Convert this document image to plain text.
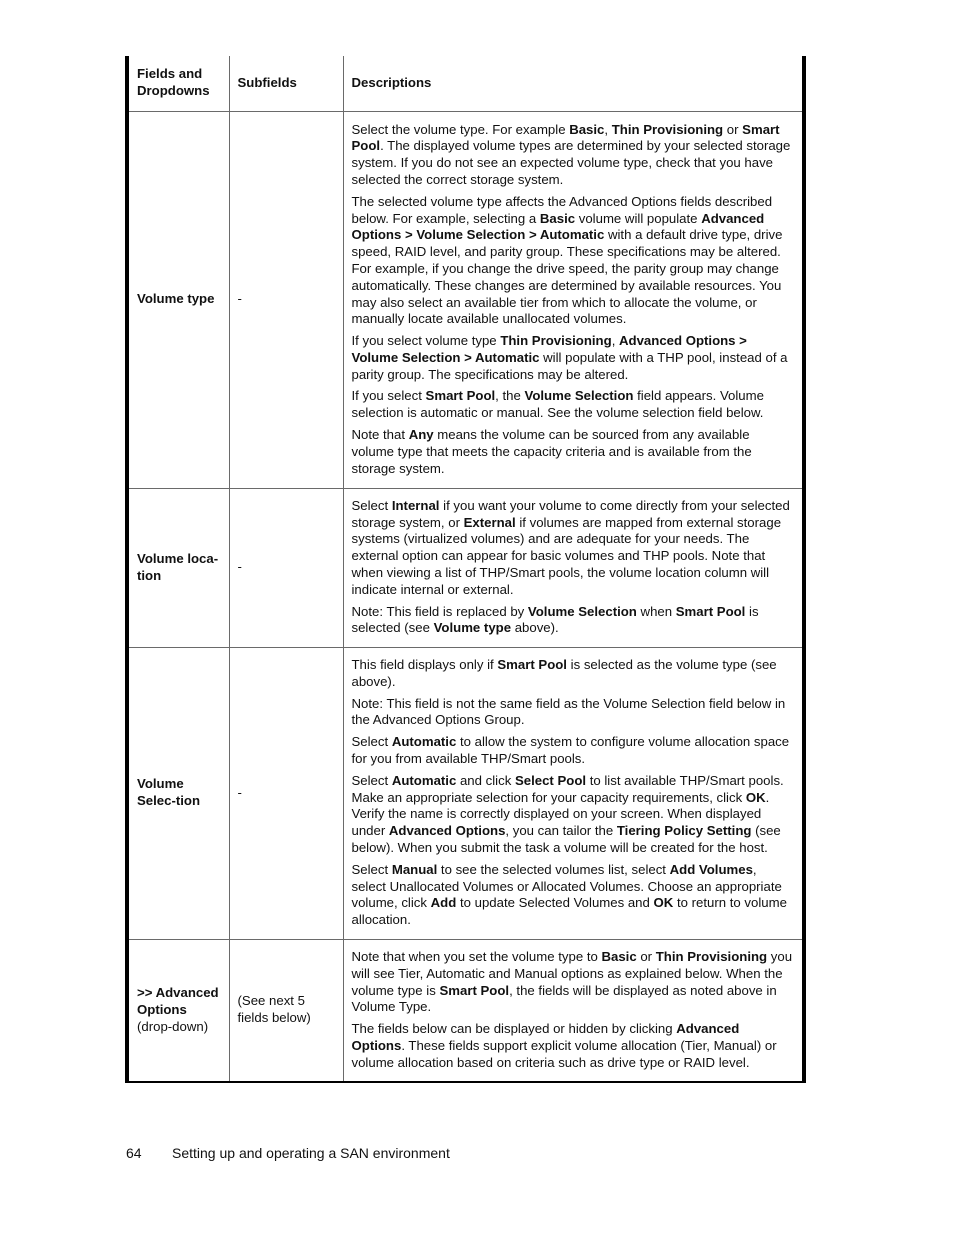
Fields and Dropdowns	Subfields	Descriptions
Volume type	-	Select the volume type. For example Basic, Thin Provisioning or Smart Pool. The displayed volume types are determined by your selected storage system. If you do not see an expected volume type, check that you have selected the correct storage system.

The selected volume type affects the Advanced Options fields described below. For example, selecting a Basic volume will populate Advanced Options > Volume Selection > Automatic with a default drive type, drive speed, RAID level, and parity group. These specifications may be altered. For example, if you change the drive speed, the parity group may change automatically. These changes are determined by available resources. You may also select an available tier from which to allocate the volume, or manually locate available unallocated volumes.

If you select volume type Thin Provisioning, Advanced Options > Volume Selection > Automatic will populate with a THP pool, instead of a parity group. The specifications may be altered.

If you select Smart Pool, the Volume Selection field appears. Volume selection is automatic or manual. See the volume selection field below.

Note that Any means the volume can be sourced from any available volume type that meets the capacity criteria and is available from the storage system.

Volume loca-tion	-	Select Internal if you want your volume to come directly from your selected storage system, or External if volumes are mapped from external storage systems (virtualized volumes) and are adequate for your needs. The external option can appear for basic volumes and THP pools. Note that when viewing a list of THP/Smart pools, the volume location column will indicate internal or external.

Note: This field is replaced by Volume Selection when Smart Pool is selected (see Volume type above).

Volume Selec-tion	-	This field displays only if Smart Pool is selected as the volume type (see above).

Note: This field is not the same field as the Volume Selection field below in the Advanced Options Group.

Select Automatic to allow the system to configure volume allocation space for you from available THP/Smart pools.

Select Automatic and click Select Pool to list available THP/Smart pools. Make an appropriate selection for your capacity requirements, click OK. Verify the name is correctly displayed on your screen. When displayed under Advanced Options, you can tailor the Tiering Policy Setting (see below). When you submit the task a volume will be created for the host.

Select Manual to see the selected volumes list, select Add Volumes, select Unallocated Volumes or Allocated Volumes. Choose an appropriate volume, click Add to update Selected Volumes and OK to return to volume allocation.

>> Advanced Options (drop-down)	(See next 5 fields below)	Note that when you set the volume type to Basic or Thin Provisioning you will see Tier, Automatic and Manual options as explained below. When the volume type is Smart Pool, the fields will be displayed as noted above in Volume Type.

The fields below can be displayed or hidden by clicking Advanced Options. These fields support explicit volume allocation (Tier, Manual) or volume allocation based on criteria such as drive type or RAID level.

64 Setting up and operating a SAN environment
